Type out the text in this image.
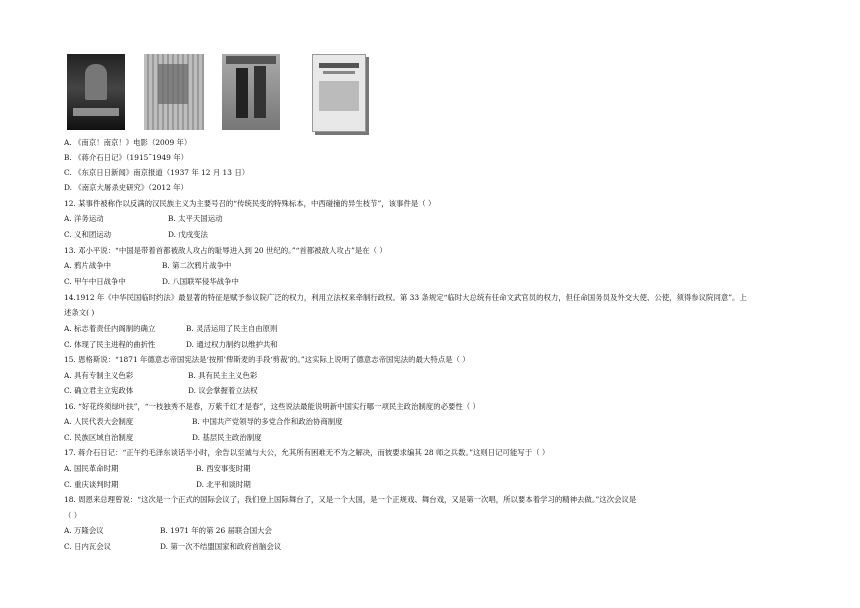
A. 《南京！南京！》电影（2009 年）
B. 《蒋介石日记》（1915˜1949 年）
C. 《东京日日新闻》南京报道（1937 年 12 月 13 日）
D. 《南京大屠杀史研究》（2012 年）
12. 某事件被称作以反满的汉民族主义为主要号召的“传统民变的特殊标本，中西碰撞的异生枝节”，该事件是（ ）
A. 洋务运动	B. 太平天国运动
C. 义和团运动	D. 戊戌变法
13. 邓小平说：“中国是带着首都被敌人攻占的耻辱进入到 20 世纪的。”“首都被敌人攻占”是在（ ）
A. 鸦片战争中	B. 第二次鸦片战争中
C. 甲午中日战争中	D. 八国联军侵华战争中
14.1912 年《中华民国临时约法》最显著的特征是赋予参议院广泛的权力，利用立法权来牵制行政权。第 33 条规定“临时大总统有任命文武官员的权力，但任命国务员及外交大使、公使，须得参议院同意”。上
述条文( )
A. 标志着责任内阁制的确立	B. 灵活运用了民主自由原则
C. 体现了民主进程的曲折性	D. 通过权力制约以维护共和
15. 恩格斯说：“1871 年德意志帝国宪法是‘按照’俾斯麦的手段‘剪裁’的。”这实际上说明了德意志帝国宪法的最大特点是（ ）
A. 具有专制主义色彩	B. 具有民主主义色彩
C. 确立君主立宪政体	D. 议会掌握着立法权
16. “好花终须绿叶扶”，“一枝独秀不是春，万紫千红才是春”，这些说法最能说明新中国实行哪一项民主政治制度的必要性（ ）
A. 人民代表大会制度	B. 中国共产党领导的多党合作和政治协商制度
C. 民族区域自治制度	D. 基层民主政治制度
17. 蒋介石日记：“正午约毛泽东谈话半小时，余告以至诚与大公，允其所有困难无不为之解决，而彼要求编其 28 师之兵数。”这则日记可能写于（ ）
A. 国民革命时期	B. 西安事变时期
C. 重庆谈判时期	D. 北平和谈时期
18. 周恩来总理曾说：“这次是一个正式的国际会议了，我们登上国际舞台了，又是一个大国，是一个正规戏、舞台戏，又是第一次唱，所以要本着学习的精神去做。”这次会议是
（ ）
A. 万隆会议	B. 1971 年的第 26 届联合国大会
C. 日内瓦会议	D. 第一次不结盟国家和政府首脑会议
